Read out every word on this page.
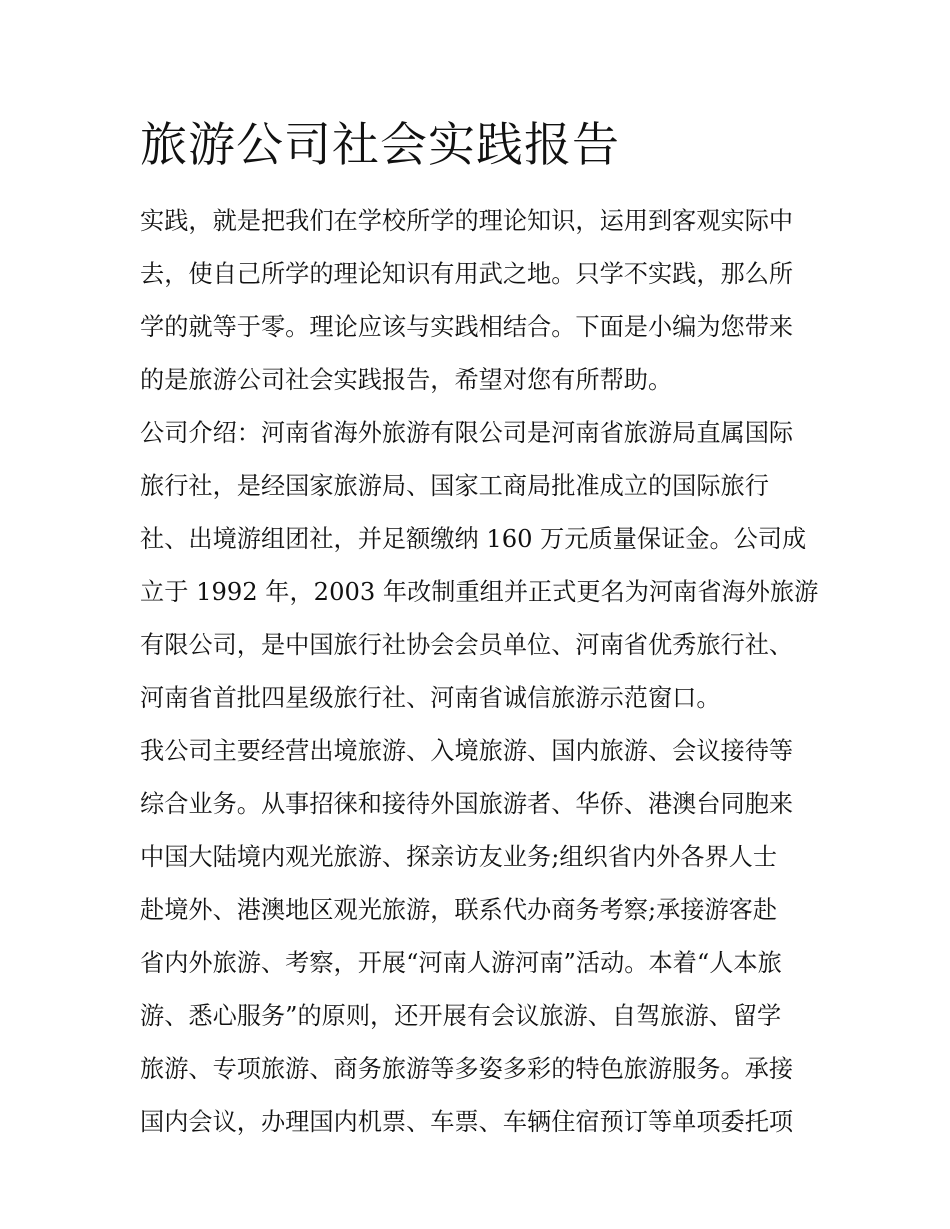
旅游公司社会实践报告
实践，就是把我们在学校所学的理论知识，运用到客观实际中
去，使自己所学的理论知识有用武之地。只学不实践，那么所
学的就等于零。理论应该与实践相结合。下面是小编为您带来
的是旅游公司社会实践报告，希望对您有所帮助。
公司介绍：河南省海外旅游有限公司是河南省旅游局直属国际
旅行社，是经国家旅游局、国家工商局批准成立的国际旅行
社、出境游组团社，并足额缴纳 160 万元质量保证金。公司成
立于 1992 年，2003 年改制重组并正式更名为河南省海外旅游
有限公司，是中国旅行社协会会员单位、河南省优秀旅行社、
河南省首批四星级旅行社、河南省诚信旅游示范窗口。
我公司主要经营出境旅游、入境旅游、国内旅游、会议接待等
综合业务。从事招徕和接待外国旅游者、华侨、港澳台同胞来
中国大陆境内观光旅游、探亲访友业务;组织省内外各界人士
赴境外、港澳地区观光旅游，联系代办商务考察;承接游客赴
省内外旅游、考察，开展“河南人游河南”活动。本着“人本旅
游、悉心服务”的原则，还开展有会议旅游、自驾旅游、留学
旅游、专项旅游、商务旅游等多姿多彩的特色旅游服务。承接
国内会议，办理国内机票、车票、车辆住宿预订等单项委托项
